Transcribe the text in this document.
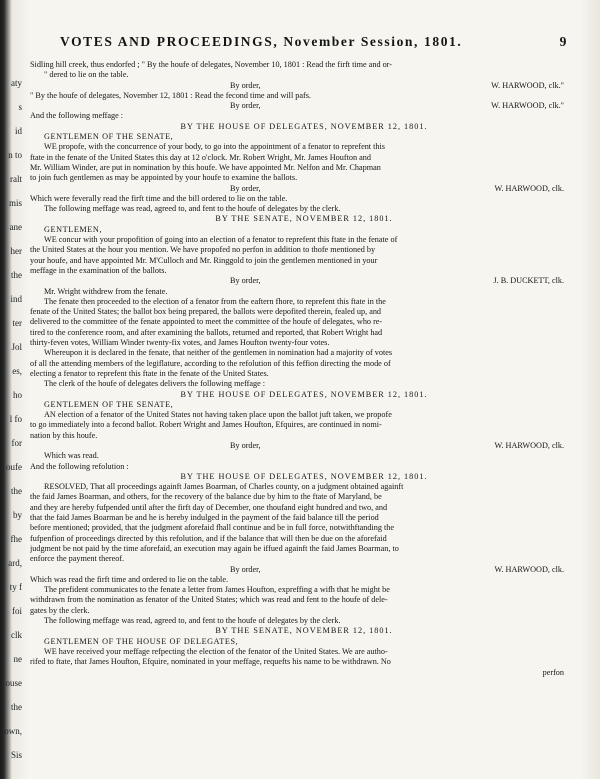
aty
s
id
n to
ralt
mis
ane
her
the
ind
ter
Jol
es,
ho
l fo
for
oufe
the
by
fhe
ard,
ty f
foi
clk
ne
ouse
the
own,
Sis
VOTES AND PROCEEDINGS, November Session, 1801.	9
Sidling hill creek, thus endorfed ; " By the houfe of delegates, November 10, 1801 : Read the firft time and or-
" dered to lie on the table.
By order,	W. HARWOOD, clk."
" By the houfe of delegates, November 12, 1801 : Read the fecond time and will pafs.
By order,	W. HARWOOD, clk."
And the following meffage :
BY THE HOUSE OF DELEGATES, NOVEMBER 12, 1801.
GENTLEMEN OF THE SENATE,
WE propofe, with the concurrence of your body, to go into the appointment of a fenator to reprefent this
ftate in the fenate of the United States this day at 12 o'clock. Mr. Robert Wright, Mr. James Houfton and
Mr. William Winder, are put in nomination by this houfe. We have appointed Mr. Nelfon and Mr. Chapman
to join fuch gentlemen as may be appointed by your houfe to examine the ballots.
By order,	W. HARWOOD, clk.
Which were feverally read the firft time and the bill ordered to lie on the table.
The following meffage was read, agreed to, and fent to the houfe of delegates by the clerk.
BY THE SENATE, NOVEMBER 12, 1801.
GENTLEMEN,
WE concur with your propofition of going into an election of a fenator to reprefent this ftate in the fenate of
the United States at the hour you mention. We have propofed no perfon in addition to thofe mentioned by
your houfe, and have appointed Mr. M'Culloch and Mr. Ringgold to join the gentlemen mentioned in your
meffage in the examination of the ballots.
By order,	J. B. DUCKETT, clk.
Mr. Wright withdrew from the fenate.
The fenate then proceeded to the election of a fenator from the eaftern fhore, to reprefent this ftate in the
fenate of the United States; the ballot box being prepared, the ballots were depofited therein, fealed up, and
delivered to the committee of the fenate appointed to meet the committee of the houfe of delegates, who re-
tired to the conference room, and after examining the ballots, returned and reported, that Robert Wright had
thirty-feven votes, William Winder twenty-fix votes, and James Houfton twenty-four votes.
Whereupon it is declared in the fenate, that neither of the gentlemen in nomination had a majority of votes
of all the attending members of the legiflature, according to the refolution of this feffion directing the mode of
electing a fenator to reprefent this ftate in the fenate of the United States.
The clerk of the houfe of delegates delivers the following meffage :
BY THE HOUSE OF DELEGATES, NOVEMBER 12, 1801.
GENTLEMEN OF THE SENATE,
AN election of a fenator of the United States not having taken place upon the ballot juft taken, we propofe
to go immediately into a fecond ballot. Robert Wright and James Houfton, Efquires, are continued in nomi-
nation by this houfe.
By order,	W. HARWOOD, clk.
Which was read.
And the following refolution :
BY THE HOUSE OF DELEGATES, NOVEMBER 12, 1801.
RESOLVED, That all proceedings againft James Boarman, of Charles county, on a judgment obtained againft
the faid James Boarman, and others, for the recovery of the balance due by him to the ftate of Maryland, be
and they are hereby fufpended until after the firft day of December, one thoufand eight hundred and two, and
that the faid James Boarman be and he is hereby indulged in the payment of the faid balance till the period
before mentioned; provided, that the judgment aforefaid fhall continue and be in full force, notwithftanding the
fufpenfion of proceedings directed by this refolution, and if the balance that will then be due on the aforefaid
judgment be not paid by the time aforefaid, an execution may again be iffued againft the faid James Boarman, to
enforce the payment thereof.
By order,	W. HARWOOD, clk.
Which was read the firft time and ordered to lie on the table.
The prefident communicates to the fenate a letter from James Houfton, expreffing a wifh that he might be
withdrawn from the nomination as fenator of the United States; which was read and fent to the houfe of dele-
gates by the clerk.
The following meffage was read, agreed to, and fent to the houfe of delegates by the clerk.
BY THE SENATE, NOVEMBER 12, 1801.
GENTLEMEN OF THE HOUSE OF DELEGATES,
WE have received your meffage refpecting the election of the fenator of the United States. We are autho-
rifed to ftate, that James Houfton, Efquire, nominated in your meffage, requefts his name to be withdrawn. No
perfon
